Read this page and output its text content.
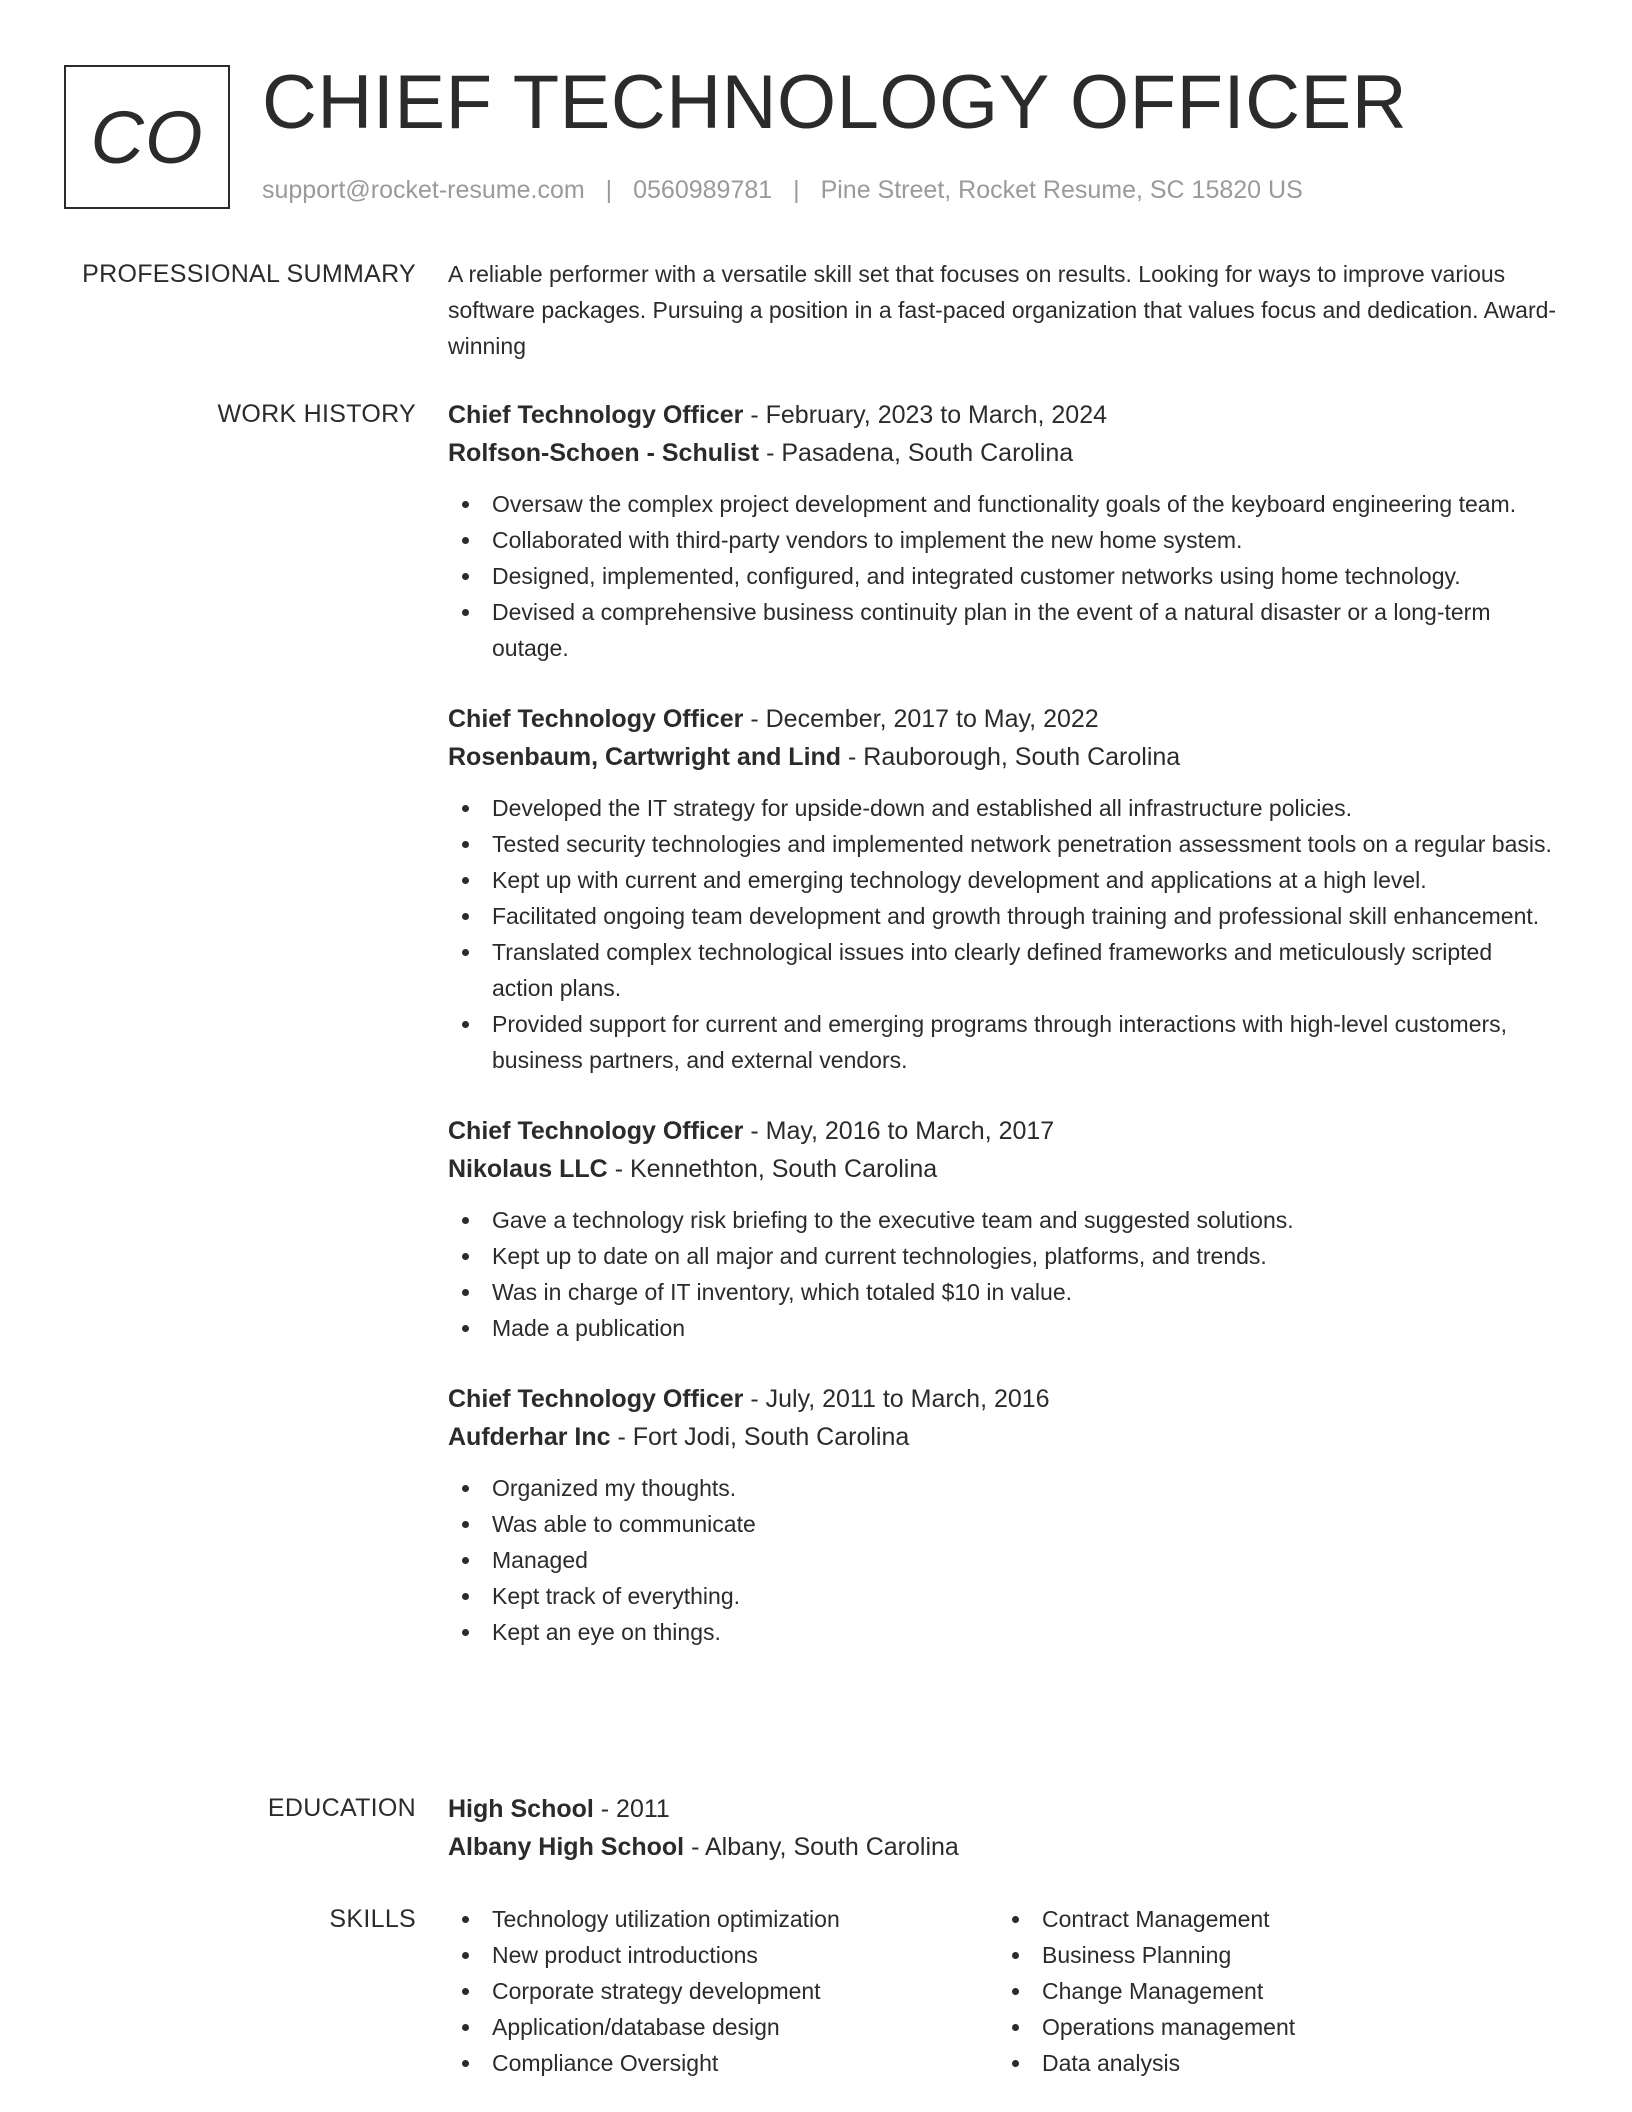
CO CHIEF TECHNOLOGY OFFICER
support@rocket-resume.com | 0560989781 | Pine Street, Rocket Resume, SC 15820 US
PROFESSIONAL SUMMARY A reliable performer with a versatile skill set that focuses on results. Looking for ways to improve various software packages. Pursuing a position in a fast-paced organization that values focus and dedication. Award-winning
WORK HISTORY Chief Technology Officer - February, 2023 to March, 2024
Rolfson-Schoen - Schulist - Pasadena, South Carolina
Oversaw the complex project development and functionality goals of the keyboard engineering team.
Collaborated with third-party vendors to implement the new home system.
Designed, implemented, configured, and integrated customer networks using home technology.
Devised a comprehensive business continuity plan in the event of a natural disaster or a long-term outage.
Chief Technology Officer - December, 2017 to May, 2022
Rosenbaum, Cartwright and Lind - Rauborough, South Carolina
Developed the IT strategy for upside-down and established all infrastructure policies.
Tested security technologies and implemented network penetration assessment tools on a regular basis.
Kept up with current and emerging technology development and applications at a high level.
Facilitated ongoing team development and growth through training and professional skill enhancement.
Translated complex technological issues into clearly defined frameworks and meticulously scripted action plans.
Provided support for current and emerging programs through interactions with high-level customers, business partners, and external vendors.
Chief Technology Officer - May, 2016 to March, 2017
Nikolaus LLC - Kennethton, South Carolina
Gave a technology risk briefing to the executive team and suggested solutions.
Kept up to date on all major and current technologies, platforms, and trends.
Was in charge of IT inventory, which totaled $10 in value.
Made a publication
Chief Technology Officer - July, 2011 to March, 2016
Aufderhar Inc - Fort Jodi, South Carolina
Organized my thoughts.
Was able to communicate
Managed
Kept track of everything.
Kept an eye on things.
EDUCATION High School - 2011
Albany High School - Albany, South Carolina
SKILLS	Technology utilization optimization
New product introductions
Corporate strategy development
Application/database design
Compliance Oversight
Contract Management
Business Planning
Change Management
Operations management
Data analysis
